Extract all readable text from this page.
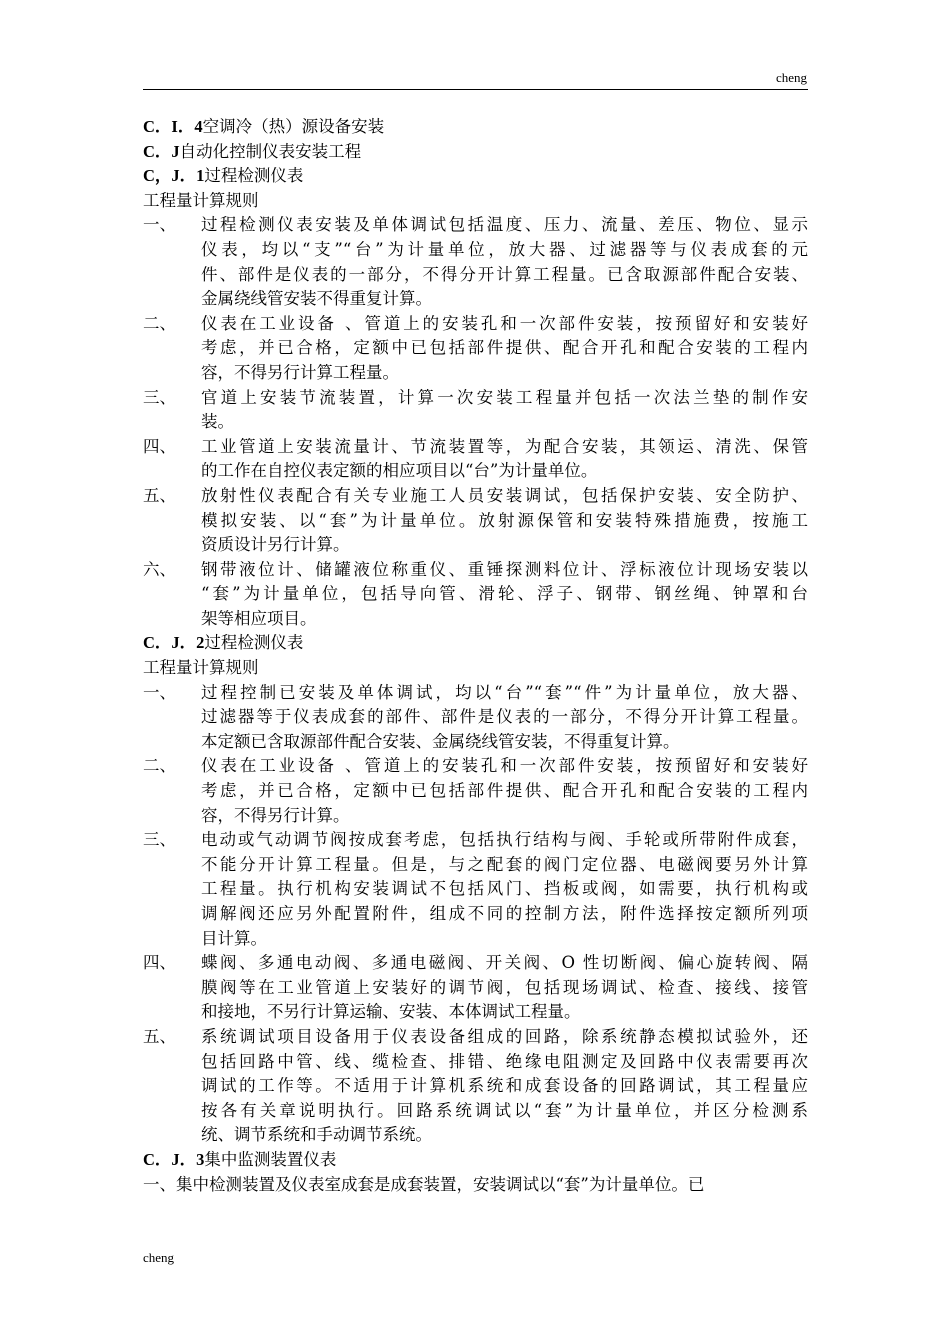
cheng
C．I．4空调冷（热）源设备安装
C．J自动化控制仪表安装工程
C，J．1过程检测仪表
工程量计算规则
一、	过程检测仪表安装及单体调试包括温度、压力、流量、差压、物位、显示
仪表，均以“支”“台”为计量单位，放大器、过滤器等与仪表成套的元
件、部件是仪表的一部分，不得分开计算工程量。已含取源部件配合安装、
金属绕线管安装不得重复计算。
二、	仪表在工业设备 、管道上的安装孔和一次部件安装，按预留好和安装好
考虑，并已合格，定额中已包括部件提供、配合开孔和配合安装的工程内
容，不得另行计算工程量。
三、	官道上安装节流装置，计算一次安装工程量并包括一次法兰垫的制作安
装。
四、	工业管道上安装流量计、节流装置等，为配合安装，其领运、清洗、保管
的工作在自控仪表定额的相应项目以“台”为计量单位。
五、	放射性仪表配合有关专业施工人员安装调试，包括保护安装、安全防护、
模拟安装、以“套”为计量单位。放射源保管和安装特殊措施费，按施工
资质设计另行计算。
六、	钢带液位计、储罐液位称重仪、重锤探测料位计、浮标液位计现场安装以
“套”为计量单位，包括导向管、滑轮、浮子、钢带、钢丝绳、钟罩和台
架等相应项目。
C．J．2过程检测仪表
工程量计算规则
一、	过程控制已安装及单体调试，均以“台”“套”“件”为计量单位，放大器、
过滤器等于仪表成套的部件、部件是仪表的一部分，不得分开计算工程量。
本定额已含取源部件配合安装、金属绕线管安装，不得重复计算。
二、	仪表在工业设备 、管道上的安装孔和一次部件安装，按预留好和安装好
考虑，并已合格，定额中已包括部件提供、配合开孔和配合安装的工程内
容，不得另行计算。
三、	电动或气动调节阀按成套考虑，包括执行结构与阀、手轮或所带附件成套，
不能分开计算工程量。但是，与之配套的阀门定位器、电磁阀要另外计算
工程量。执行机构安装调试不包括风门、挡板或阀，如需要，执行机构或
调解阀还应另外配置附件，组成不同的控制方法，附件选择按定额所列项
目计算。
四、	蝶阀、多通电动阀、多通电磁阀、开关阀、O 性切断阀、偏心旋转阀、隔
膜阀等在工业管道上安装好的调节阀，包括现场调试、检查、接线、接管
和接地，不另行计算运输、安装、本体调试工程量。
五、	系统调试项目设备用于仪表设备组成的回路，除系统静态模拟试验外，还
包括回路中管、线、缆检查、排错、绝缘电阻测定及回路中仪表需要再次
调试的工作等。不适用于计算机系统和成套设备的回路调试，其工程量应
按各有关章说明执行。回路系统调试以“套”为计量单位，并区分检测系
统、调节系统和手动调节系统。
C．J．3集中监测装置仪表
一、集中检测装置及仪表室成套是成套装置，安装调试以“套”为计量单位。已
cheng
